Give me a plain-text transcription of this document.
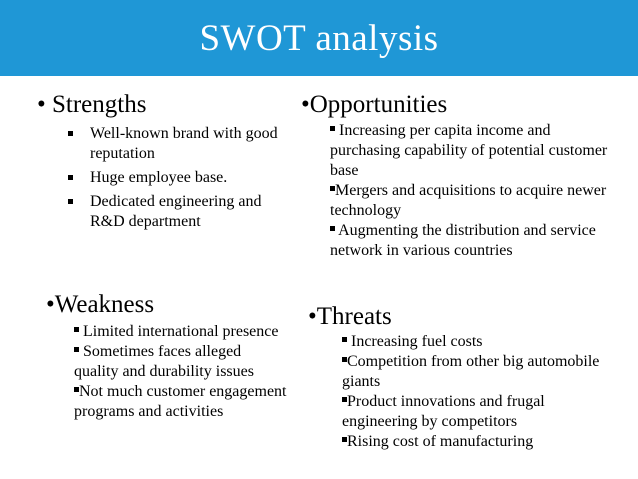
SWOT analysis
• Strengths
Well-known brand with good reputation
Huge employee base.
Dedicated engineering and R&D department
•Opportunities
Increasing per capita income and purchasing capability of potential customer base
Mergers and acquisitions to acquire newer technology
Augmenting the distribution and service network in various countries
•Weakness
Limited international presence
Sometimes faces alleged quality and durability issues
Not much customer engagement programs and activities
•Threats
Increasing fuel costs
Competition from other big automobile giants
Product innovations and frugal engineering by competitors
Rising cost of manufacturing
